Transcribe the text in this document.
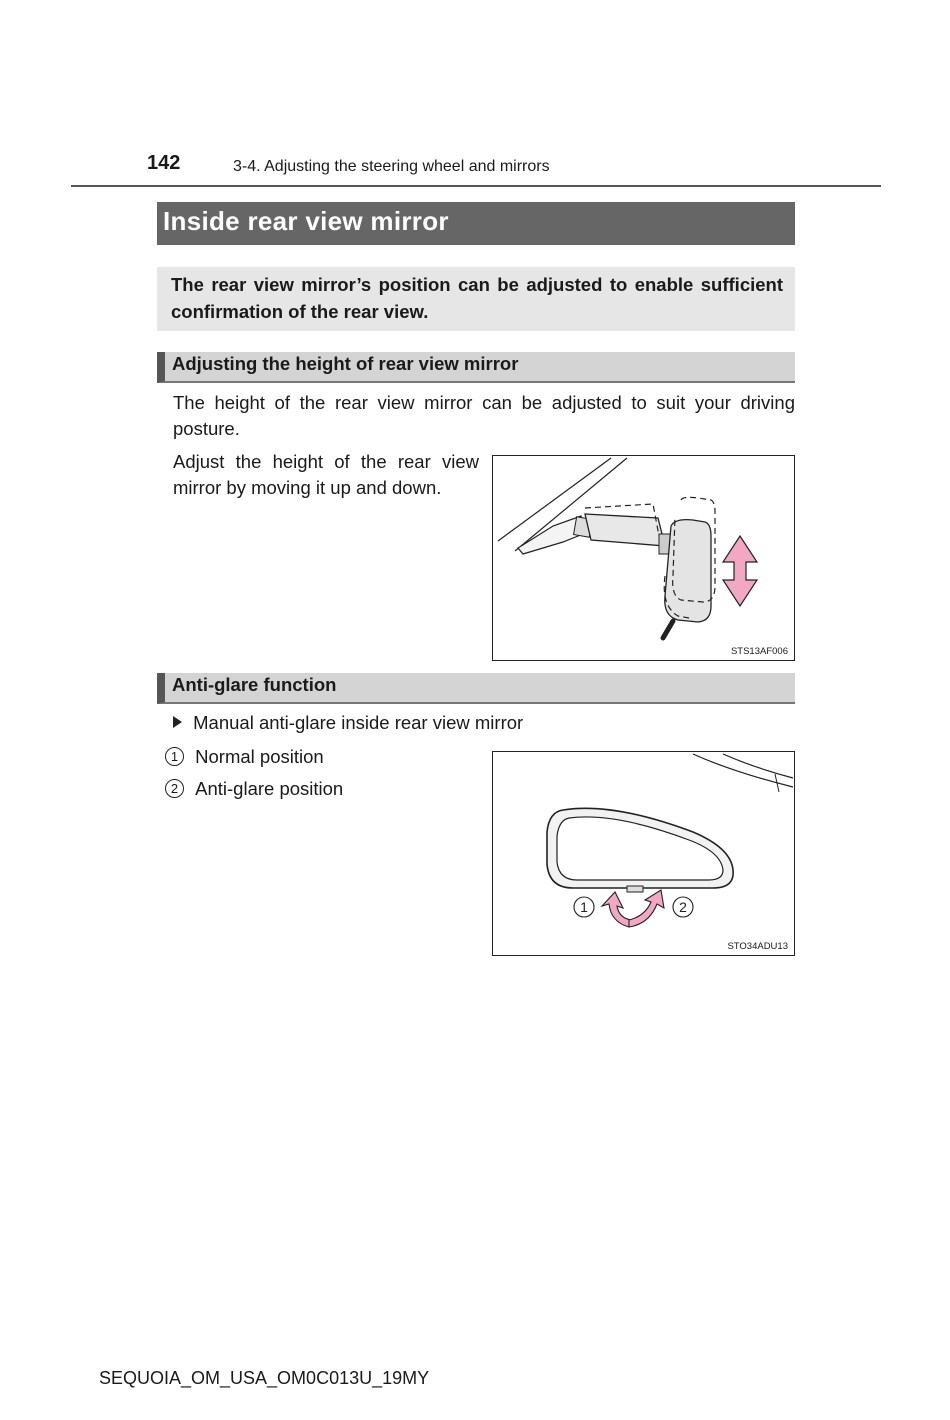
142	3-4. Adjusting the steering wheel and mirrors
Inside rear view mirror
The rear view mirror’s position can be adjusted to enable sufficient confirmation of the rear view.
Adjusting the height of rear view mirror
The height of the rear view mirror can be adjusted to suit your driving posture.
Adjust the height of the rear view mirror by moving it up and down.
STS13AF006
Anti-glare function
Manual anti-glare inside rear view mirror
1 Normal position
2 Anti-glare position
1	2
STO34ADU13
SEQUOIA_OM_USA_OM0C013U_19MY
